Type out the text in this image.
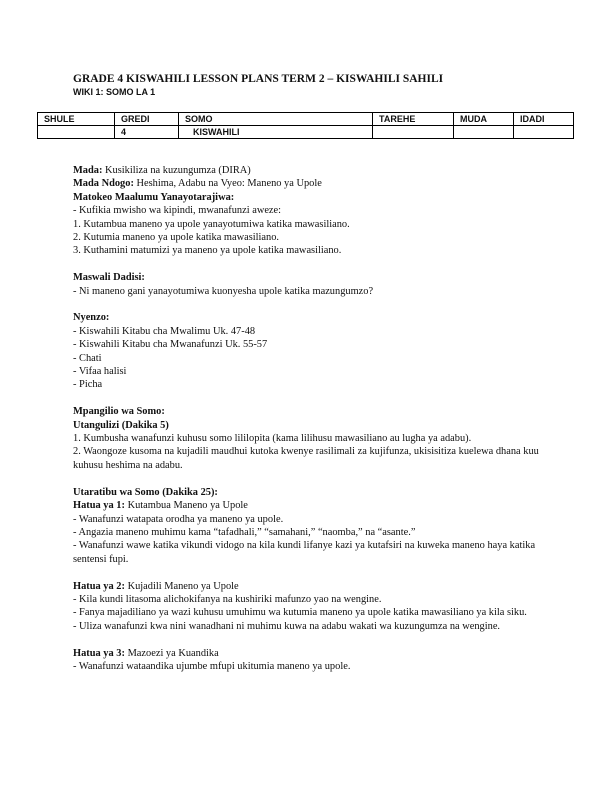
GRADE 4 KISWAHILI LESSON PLANS TERM 2 – KISWAHILI SAHILI
WIKI 1: SOMO LA 1
SHULE	GREDI	SOMO	TAREHE	MUDA	IDADI
	4	KISWAHILI			

Mada: Kusikiliza na kuzungumza (DIRA)

Mada Ndogo: Heshima, Adabu na Vyeo: Maneno ya Upole

Matokeo Maalumu Yanayotarajiwa:

- Kufikia mwisho wa kipindi, mwanafunzi aweze:

1. Kutambua maneno ya upole yanayotumiwa katika mawasiliano.

2. Kutumia maneno ya upole katika mawasiliano.

3. Kuthamini matumizi ya maneno ya upole katika mawasiliano.

Maswali Dadisi:

- Ni maneno gani yanayotumiwa kuonyesha upole katika mazungumzo?

Nyenzo:

- Kiswahili Kitabu cha Mwalimu Uk. 47-48

- Kiswahili Kitabu cha Mwanafunzi Uk. 55-57

- Chati

- Vifaa halisi

- Picha

Mpangilio wa Somo:

Utangulizi (Dakika 5)

1. Kumbusha wanafunzi kuhusu somo lililopita (kama lilihusu mawasiliano au lugha ya adabu).

2. Waongoze kusoma na kujadili maudhui kutoka kwenye rasilimali za kujifunza, ukisisitiza kuelewa dhana kuu kuhusu heshima na adabu.

Utaratibu wa Somo (Dakika 25):

Hatua ya 1: Kutambua Maneno ya Upole

- Wanafunzi watapata orodha ya maneno ya upole.

- Angazia maneno muhimu kama “tafadhali,” “samahani,” “naomba,” na “asante.”

- Wanafunzi wawe katika vikundi vidogo na kila kundi lifanye kazi ya kutafsiri na kuweka maneno haya katika sentensi fupi.

Hatua ya 2: Kujadili Maneno ya Upole

- Kila kundi litasoma alichokifanya na kushiriki mafunzo yao na wengine.

- Fanya majadiliano ya wazi kuhusu umuhimu wa kutumia maneno ya upole katika mawasiliano ya kila siku.

- Uliza wanafunzi kwa nini wanadhani ni muhimu kuwa na adabu wakati wa kuzungumza na wengine.

Hatua ya 3: Mazoezi ya Kuandika

- Wanafunzi wataandika ujumbe mfupi ukitumia maneno ya upole.
